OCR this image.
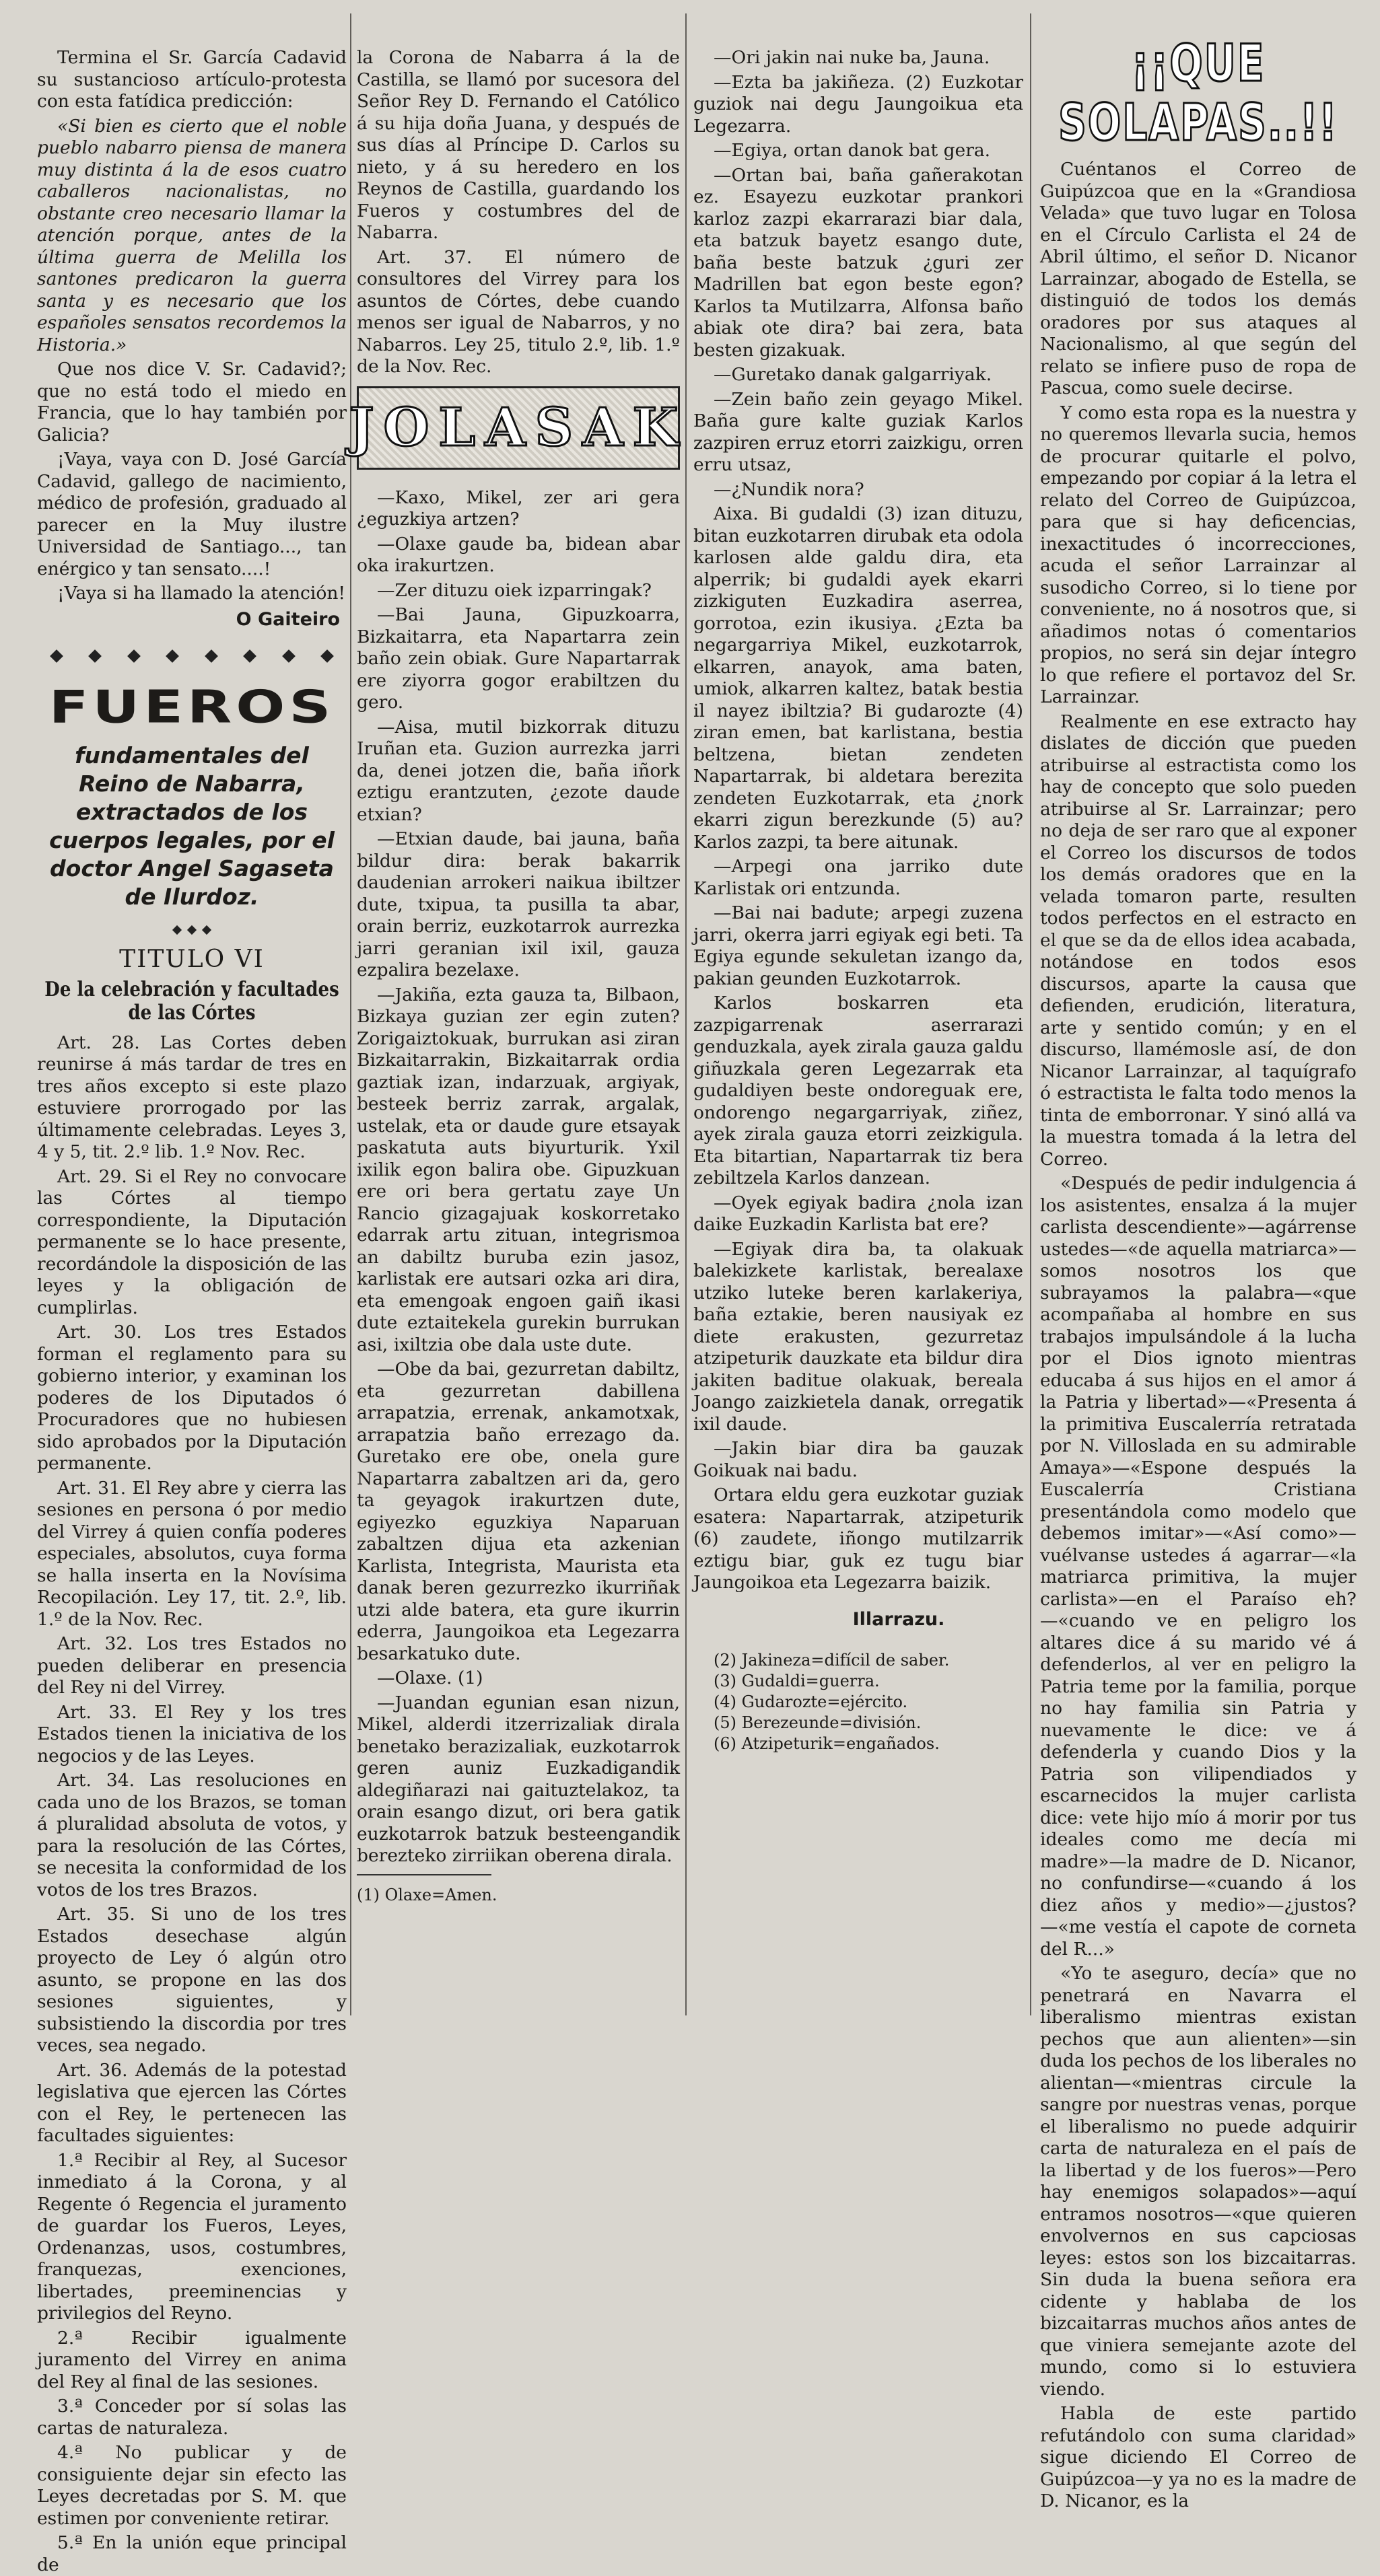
Termina el Sr. García Cadavid su sustancioso artículo-protesta con esta fatídica predicción:

«Si bien es cierto que el noble pueblo nabarro piensa de manera muy distinta á la de esos cuatro caballeros nacionalistas, no obstante creo necesario llamar la atención porque, antes de la última guerra de Melilla los santones predicaron la guerra santa y es necesario que los españoles sensatos recordemos la Historia.»

Que nos dice V. Sr. Cadavid?; que no está todo el miedo en Francia, que lo hay también por Galicia?

¡Vaya, vaya con D. José García Cadavid, gallego de nacimiento, médico de profesión, graduado al parecer en la Muy ilustre Universidad de Santiago..., tan enérgico y tan sensato....!

¡Vaya si ha llamado la atención!

O Gaiteiro
FUEROS
fundamentales del Reino de Nabarra, extractados de los cuerpos legales, por el doctor Angel Sagaseta de Ilurdoz.
TITULO VI
De la celebración y facultades de las Córtes

Art. 28. Las Cortes deben reunirse á más tardar de tres en tres años excepto si este plazo estuviere prorrogado por las últimamente celebradas. Leyes 3, 4 y 5, tit. 2.º lib. 1.º Nov. Rec.

Art. 29. Si el Rey no convocare las Córtes al tiempo correspondiente, la Diputación permanente se lo hace presente, recordándole la disposición de las leyes y la obligación de cumplirlas.

Art. 30. Los tres Estados forman el reglamento para su gobierno interior, y examinan los poderes de los Diputados ó Procuradores que no hubiesen sido aprobados por la Diputación permanente.

Art. 31. El Rey abre y cierra las sesiones en persona ó por medio del Virrey á quien confía poderes especiales, absolutos, cuya forma se halla inserta en la Novísima Recopilación. Ley 17, tit. 2.º, lib. 1.º de la Nov. Rec.

Art. 32. Los tres Estados no pueden deliberar en presencia del Rey ni del Virrey.

Art. 33. El Rey y los tres Estados tienen la iniciativa de los negocios y de las Leyes.

Art. 34. Las resoluciones en cada uno de los Brazos, se toman á pluralidad absoluta de votos, y para la resolución de las Córtes, se necesita la conformidad de los votos de los tres Brazos.

Art. 35. Si uno de los tres Estados desechase algún proyecto de Ley ó algún otro asunto, se propone en las dos sesiones siguientes, y subsistiendo la discordia por tres veces, sea negado.

Art. 36. Además de la potestad legislativa que ejercen las Córtes con el Rey, le pertenecen las facultades siguientes:

1.ª Recibir al Rey, al Sucesor inmediato á la Corona, y al Regente ó Regencia el juramento de guardar los Fueros, Leyes, Ordenanzas, usos, costumbres, franquezas, exenciones, libertades, preeminencias y privilegios del Reyno.

2.ª Recibir igualmente juramento del Virrey en anima del Rey al final de las sesiones.

3.ª Conceder por sí solas las cartas de naturaleza.

4.ª No publicar y de consiguiente dejar sin efecto las Leyes decretadas por S. M. que estimen por conveniente retirar.

5.ª En la unión eque principal de

la Corona de Nabarra á la de Castilla, se llamó por sucesora del Señor Rey D. Fernando el Católico á su hija doña Juana, y después de sus días al Príncipe D. Carlos su nieto, y á su heredero en los Reynos de Castilla, guardando los Fueros y costumbres del de Nabarra.

Art. 37. El número de consultores del Virrey para los asuntos de Córtes, debe cuando menos ser igual de Nabarros, y no Nabarros. Ley 25, titulo 2.º, lib. 1.º de la Nov. Rec.

JOLASAK

—Kaxo, Mikel, zer ari gera ¿eguzkiya artzen?

—Olaxe gaude ba, bidean abar oka irakurtzen.

—Zer dituzu oiek izparringak?

—Bai Jauna, Gipuzkoarra, Bizkaitarra, eta Napartarra zein baño zein obiak. Gure Napartarrak ere ziyorra gogor erabiltzen du gero.

—Aisa, mutil bizkorrak dituzu Iruñan eta. Guzion aurrezka jarri da, denei jotzen die, baña iñork eztigu erantzuten, ¿ezote daude etxian?

—Etxian daude, bai jauna, baña bildur dira: berak bakarrik daudenian arrokeri naikua ibiltzer dute, txipua, ta pusilla ta abar, orain berriz, euzkotarrok aurrezka jarri geranian ixil ixil, gauza ezpalira bezelaxe.

—Jakiña, ezta gauza ta, Bilbaon, Bizkaya guzian zer egin zuten? Zorigaiztokuak, burrukan asi ziran Bizkaitarrakin, Bizkaitarrak ordia gaztiak izan, indarzuak, argiyak, besteek berriz zarrak, argalak, ustelak, eta or daude gure etsayak paskatuta auts biyurturik. Yxil ixilik egon balira obe. Gipuzkuan ere ori bera gertatu zaye Un Rancio gizagajuak koskorretako edarrak artu zituan, integrismoa an dabiltz buruba ezin jasoz, karlistak ere autsari ozka ari dira, eta emengoak engoen gaiñ ikasi dute eztaitekela gurekin burrukan asi, ixiltzia obe dala uste dute.

—Obe da bai, gezurretan dabiltz, eta gezurretan dabillena arrapatzia, errenak, ankamotxak, arrapatzia baño errezago da. Guretako ere obe, onela gure Napartarra zabaltzen ari da, gero ta geyagok irakurtzen dute, egiyezko eguzkiya Naparuan zabaltzen dijua eta azkenian Karlista, Integrista, Maurista eta danak beren gezurrezko ikurriñak utzi alde baterа, eta gure ikurrin ederra, Jaungoikoa eta Legezarra besarkatuko dute.

—Olaxe. (1)

—Juandan egunian esan nizun, Mikel, alderdi itzerrizaliak dirala benetako berazizaliak, euzkotarrok geren auniz Euzkadigandik aldegiñarazi nai gaituztelakoz, ta orain esango dizut, ori bera gatik euzkotarrok batzuk besteengandik berezteko zirriikan oberena dirala.

(1) Olaxe=Amen.

—Ori jakin nai nuke ba, Jauna.

—Ezta ba jakiñeza. (2) Euzkotar guziok nai degu Jaungoikua eta Legezarra.

—Egiya, ortan danok bat gera.

—Ortan bai, baña gañerakotan ez. Esayezu euzkotar prankori karloz zazpi ekarrarazi biar dala, eta batzuk bayetz esango dute, baña beste batzuk ¿guri zer Madrillen bat egon beste egon? Karlos ta Mutilzarra, Alfonsa baño abiak ote dira? bai zera, bata besten gizakuak.

—Guretako danak galgarriyak.

—Zein baño zein geyago Mikel. Baña gure kalte guziak Karlos zazpiren erruz etorri zaizkigu, orren erru utsaz,

—¿Nundik nora?

Aixa. Bi gudaldi (3) izan dituzu, bitan euzkotarren dirubak eta odola karlosen alde galdu dira, eta alperrik; bi gudaldi ayek ekarri zizkiguten Euzkadira aserrea, gorrotoa, ezin ikusiya. ¿Ezta ba negargarriya Mikel, euzkotarrok, elkarren, anayok, ama baten, umiok, alkarren kaltez, batak bestia il nayez ibiltzia? Bi gudarozte (4) ziran emen, bat karlistana, bestia beltzena, bietan zendeten Napartarrak, bi aldetara berezita zendeten Euzkotarrak, eta ¿nork ekarri zigun berezkunde (5) au? Karlos zazpi, ta bere aitunak.

—Arpegi ona jarriko dute Karlistak ori entzunda.

—Bai nai badute; arpegi zuzena jarri, okerra jarri egiyak egi beti. Ta Egiya egunde sekuletan izango da, pakian geunden Euzkotarrok.

Karlos boskarren eta zazpigarrenak aserrarazi genduzkala, ayek zirala gauza galdu giñuzkala geren Legezarrak eta gudaldiyen beste ondoreguak ere, ondorengo negargarriyak, ziñez, ayek zirala gauza etorri zeizkigula. Eta bitartian, Napartarrak tiz bera zebiltzela Karlos danzean.

—Oyek egiyak badira ¿nola izan daike Euzkadin Karlista bat ere?

—Egiyak dira ba, ta olakuak balekizkete karlistak, berealaxe utziko luteke beren karlakeriya, baña eztakie, beren nausiyak ez diete erakusten, gezurretaz atzipeturik dauzkate eta bildur dira jakiten baditue olakuak, bereala Joango zaizkietela danak, orregatik ixil daude.

—Jakin biar dira ba gauzak Goikuak nai badu.

Ortara eldu gera euzkotar guziak esatera: Napartarrak, atzipeturik (6) zaudete, iñongo mutilzarrik eztigu biar, guk ez tugu biar Jaungoikoa eta Legezarra baizik.

Illarrazu.

(2) Jakineza=difícil de saber.

(3) Gudaldi=guerra.

(4) Gudarozte=ejército.

(5) Berezeunde=división.

(6) Atzipeturik=engañados.

¡¡QUE SOLAPAS..!!

Cuéntanos el Correo de Guipúzcoa que en la «Grandiosa Velada» que tuvo lugar en Tolosa en el Círculo Carlista el 24 de Abril último, el señor D. Nicanor Larrainzar, abogado de Estella, se distinguió de todos los demás oradores por sus ataques al Nacionalismo, al que según del relato se infiere puso de ropa de Pascua, como suele decirse.

Y como esta ropa es la nuestra y no queremos llevarla sucia, hemos de procurar quitarle el polvo, empezando por copiar á la letra el relato del Correo de Guipúzcoa, para que si hay deficencias, inexactitudes ó incorrecciones, acuda el señor Larrainzar al susodicho Correo, si lo tiene por conveniente, no á nosotros que, si añadimos notas ó comentarios propios, no será sin dejar íntegro lo que refiere el portavoz del Sr. Larrainzar.

Realmente en ese extracto hay dislates de dicción que pueden atribuirse al estractista como los hay de concepto que solo pueden atribuirse al Sr. Larrainzar; pero no deja de ser raro que al exponer el Correo los discursos de todos los demás oradores que en la velada tomaron parte, resulten todos perfectos en el estracto en el que se da de ellos idea acabada, notándose en todos esos discursos, aparte la causa que defienden, erudición, literatura, arte y sentido común; y en el discurso, llamémosle así, de don Nicanor Larrainzar, al taquígrafo ó estractista le falta todo menos la tinta de emborronar. Y sinó allá va la muestra tomada á la letra del Correo.

«Después de pedir indulgencia á los asistentes, ensalza á la mujer carlista descendiente»—agárrense ustedes—«de aquella matriarca»—somos nosotros los que subrayamos la palabra—«que acompañaba al hombre en sus trabajos impulsándole á la lucha por el Dios ignoto mientras educaba á sus hijos en el amor á la Patria y libertad»—«Presenta á la primitiva Euscalerría retratada por N. Villoslada en su admirable Amaya»—«Espone después la Euscalerría Cristiana presentándola como modelo que debemos imitar»—«Así como»—vuélvanse ustedes á agarrar—«la matriarca primitiva, la mujer carlista»—en el Paraíso eh?—«cuando ve en peligro los altares dice á su marido vé á defenderlos, al ver en peligro la Patria teme por la familia, porque no hay familia sin Patria y nuevamente le dice: ve á defenderla y cuando Dios y la Patria son vilipendiados y escarnecidos la mujer carlista dice: vete hijo mío á morir por tus ideales como me decía mi madre»—la madre de D. Nicanor, no confundirse—«cuando á los diez años y medio»—¿justos?—«me vestía el capote de corneta del R...»

«Yo te aseguro, decía» que no penetrará en Navarra el liberalismo mientras existan pechos que aun alienten»—sin duda los pechos de los liberales no alientan—«mientras circule la sangre por nuestras venas, porque el liberalismo no puede adquirir carta de naturaleza en el país de la libertad y de los fueros»—Pero hay enemigos solapados»—aquí entramos nosotros—«que quieren envolvernos en sus capciosas leyes: estos son los bizcaitarras. Sin duda la buena señora era cidente y hablaba de los bizcaitarras muchos años antes de que viniera semejante azote del mundo, como si lo estuviera viendo.

Habla de este partido refutándolo con suma claridad» sigue diciendo El Correo de Guipúzcoa—y ya no es la madre de D. Nicanor, es la
